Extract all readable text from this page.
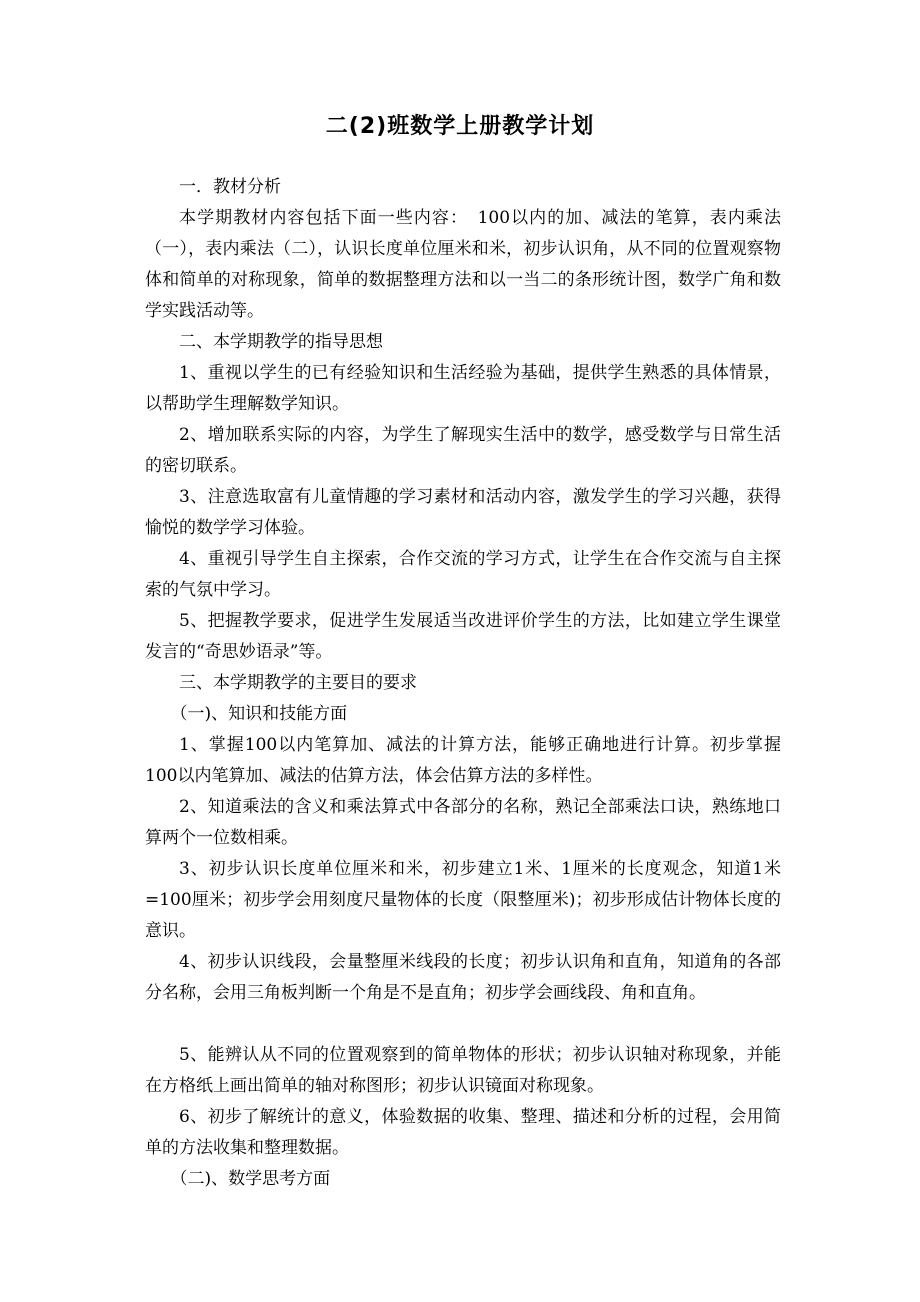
二(2)班数学上册教学计划

一．教材分析

本学期教材内容包括下面一些内容：　100以内的加、减法的笔算，表内乘法（一），表内乘法（二），认识长度单位厘米和米，初步认识角，从不同的位置观察物体和简单的对称现象，简单的数据整理方法和以一当二的条形统计图，数学广角和数学实践活动等。

二、本学期教学的指导思想

1、重视以学生的已有经验知识和生活经验为基础，提供学生熟悉的具体情景，以帮助学生理解数学知识。

2、增加联系实际的内容，为学生了解现实生活中的数学，感受数学与日常生活的密切联系。

3、注意选取富有儿童情趣的学习素材和活动内容，激发学生的学习兴趣，获得愉悦的数学学习体验。

4、重视引导学生自主探索，合作交流的学习方式，让学生在合作交流与自主探索的气氛中学习。

5、把握教学要求，促进学生发展适当改进评价学生的方法，比如建立学生课堂发言的“奇思妙语录”等。

三、本学期教学的主要目的要求

（一)、知识和技能方面

1、掌握100以内笔算加、减法的计算方法，能够正确地进行计算。初步掌握100以内笔算加、减法的估算方法，体会估算方法的多样性。

2、知道乘法的含义和乘法算式中各部分的名称，熟记全部乘法口诀，熟练地口算两个一位数相乘。

3、初步认识长度单位厘米和米，初步建立1米、1厘米的长度观念，知道1米=100厘米；初步学会用刻度尺量物体的长度（限整厘米)；初步形成估计物体长度的意识。

4、初步认识线段，会量整厘米线段的长度；初步认识角和直角，知道角的各部分名称，会用三角板判断一个角是不是直角；初步学会画线段、角和直角。

5、能辨认从不同的位置观察到的简单物体的形状；初步认识轴对称现象，并能在方格纸上画出简单的轴对称图形；初步认识镜面对称现象。

6、初步了解统计的意义，体验数据的收集、整理、描述和分析的过程，会用简单的方法收集和整理数据。

（二)、数学思考方面
